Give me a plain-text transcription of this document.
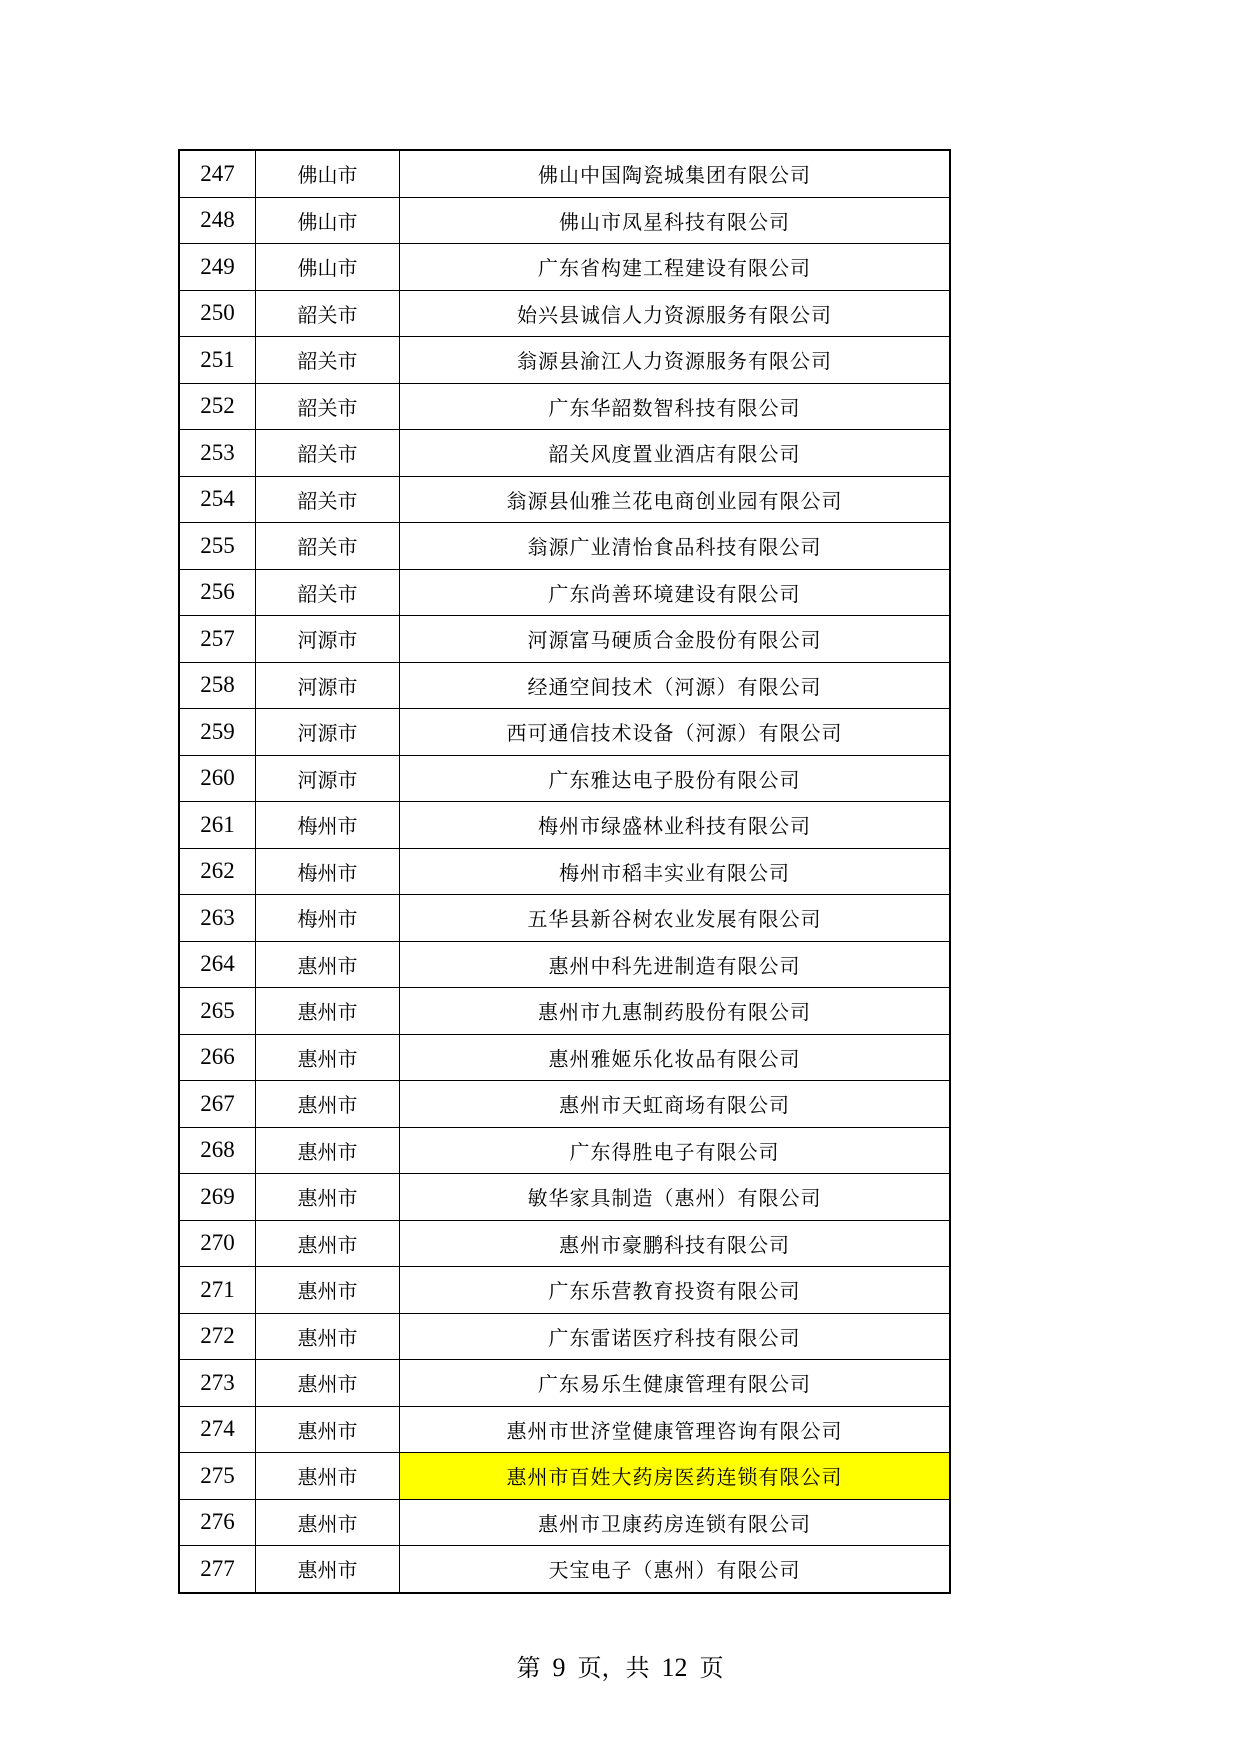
247	佛山市	佛山中国陶瓷城集团有限公司
248	佛山市	佛山市凤星科技有限公司
249	佛山市	广东省构建工程建设有限公司
250	韶关市	始兴县诚信人力资源服务有限公司
251	韶关市	翁源县渝江人力资源服务有限公司
252	韶关市	广东华韶数智科技有限公司
253	韶关市	韶关风度置业酒店有限公司
254	韶关市	翁源县仙雅兰花电商创业园有限公司
255	韶关市	翁源广业清怡食品科技有限公司
256	韶关市	广东尚善环境建设有限公司
257	河源市	河源富马硬质合金股份有限公司
258	河源市	经通空间技术（河源）有限公司
259	河源市	西可通信技术设备（河源）有限公司
260	河源市	广东雅达电子股份有限公司
261	梅州市	梅州市绿盛林业科技有限公司
262	梅州市	梅州市稻丰实业有限公司
263	梅州市	五华县新谷树农业发展有限公司
264	惠州市	惠州中科先进制造有限公司
265	惠州市	惠州市九惠制药股份有限公司
266	惠州市	惠州雅姬乐化妆品有限公司
267	惠州市	惠州市天虹商场有限公司
268	惠州市	广东得胜电子有限公司
269	惠州市	敏华家具制造（惠州）有限公司
270	惠州市	惠州市豪鹏科技有限公司
271	惠州市	广东乐营教育投资有限公司
272	惠州市	广东雷诺医疗科技有限公司
273	惠州市	广东易乐生健康管理有限公司
274	惠州市	惠州市世济堂健康管理咨询有限公司
275	惠州市	惠州市百姓大药房医药连锁有限公司
276	惠州市	惠州市卫康药房连锁有限公司
277	惠州市	天宝电子（惠州）有限公司
第 9 页，共 12 页
